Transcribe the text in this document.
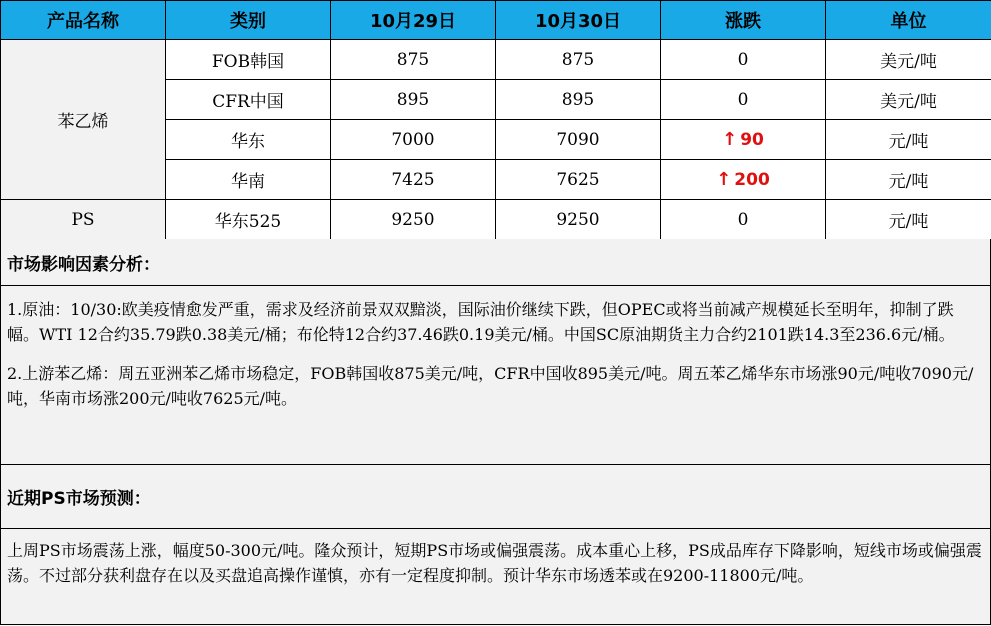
产品名称	类别	10月29日	10月30日	涨跌	单位
苯乙烯	FOB韩国	875	875	0	美元/吨
	CFR中国	895	895	0	美元/吨
	华东	7000	7090	↑ 90	元/吨
	华南	7425	7625	↑ 200	元/吨
PS	华东525	9250	9250	0	元/吨
市场影响因素分析：
1.原油：10/30:欧美疫情愈发严重，需求及经济前景双双黯淡，国际油价继续下跌，但OPEC或将当前减产规模延长至明年，抑制了跌幅。WTI 12合约35.79跌0.38美元/桶；布伦特12合约37.46跌0.19美元/桶。中国SC原油期货主力合约2101跌14.3至236.6元/桶。
2.上游苯乙烯：周五亚洲苯乙烯市场稳定，FOB韩国收875美元/吨，CFR中国收895美元/吨。周五苯乙烯华东市场涨90元/吨收7090元/吨，华南市场涨200元/吨收7625元/吨。
近期PS市场预测：
上周PS市场震荡上涨，幅度50-300元/吨。隆众预计，短期PS市场或偏强震荡。成本重心上移，PS成品库存下降影响，短线市场或偏强震荡。不过部分获利盘存在以及买盘追高操作谨慎，亦有一定程度抑制。预计华东市场透苯或在9200-11800元/吨。
